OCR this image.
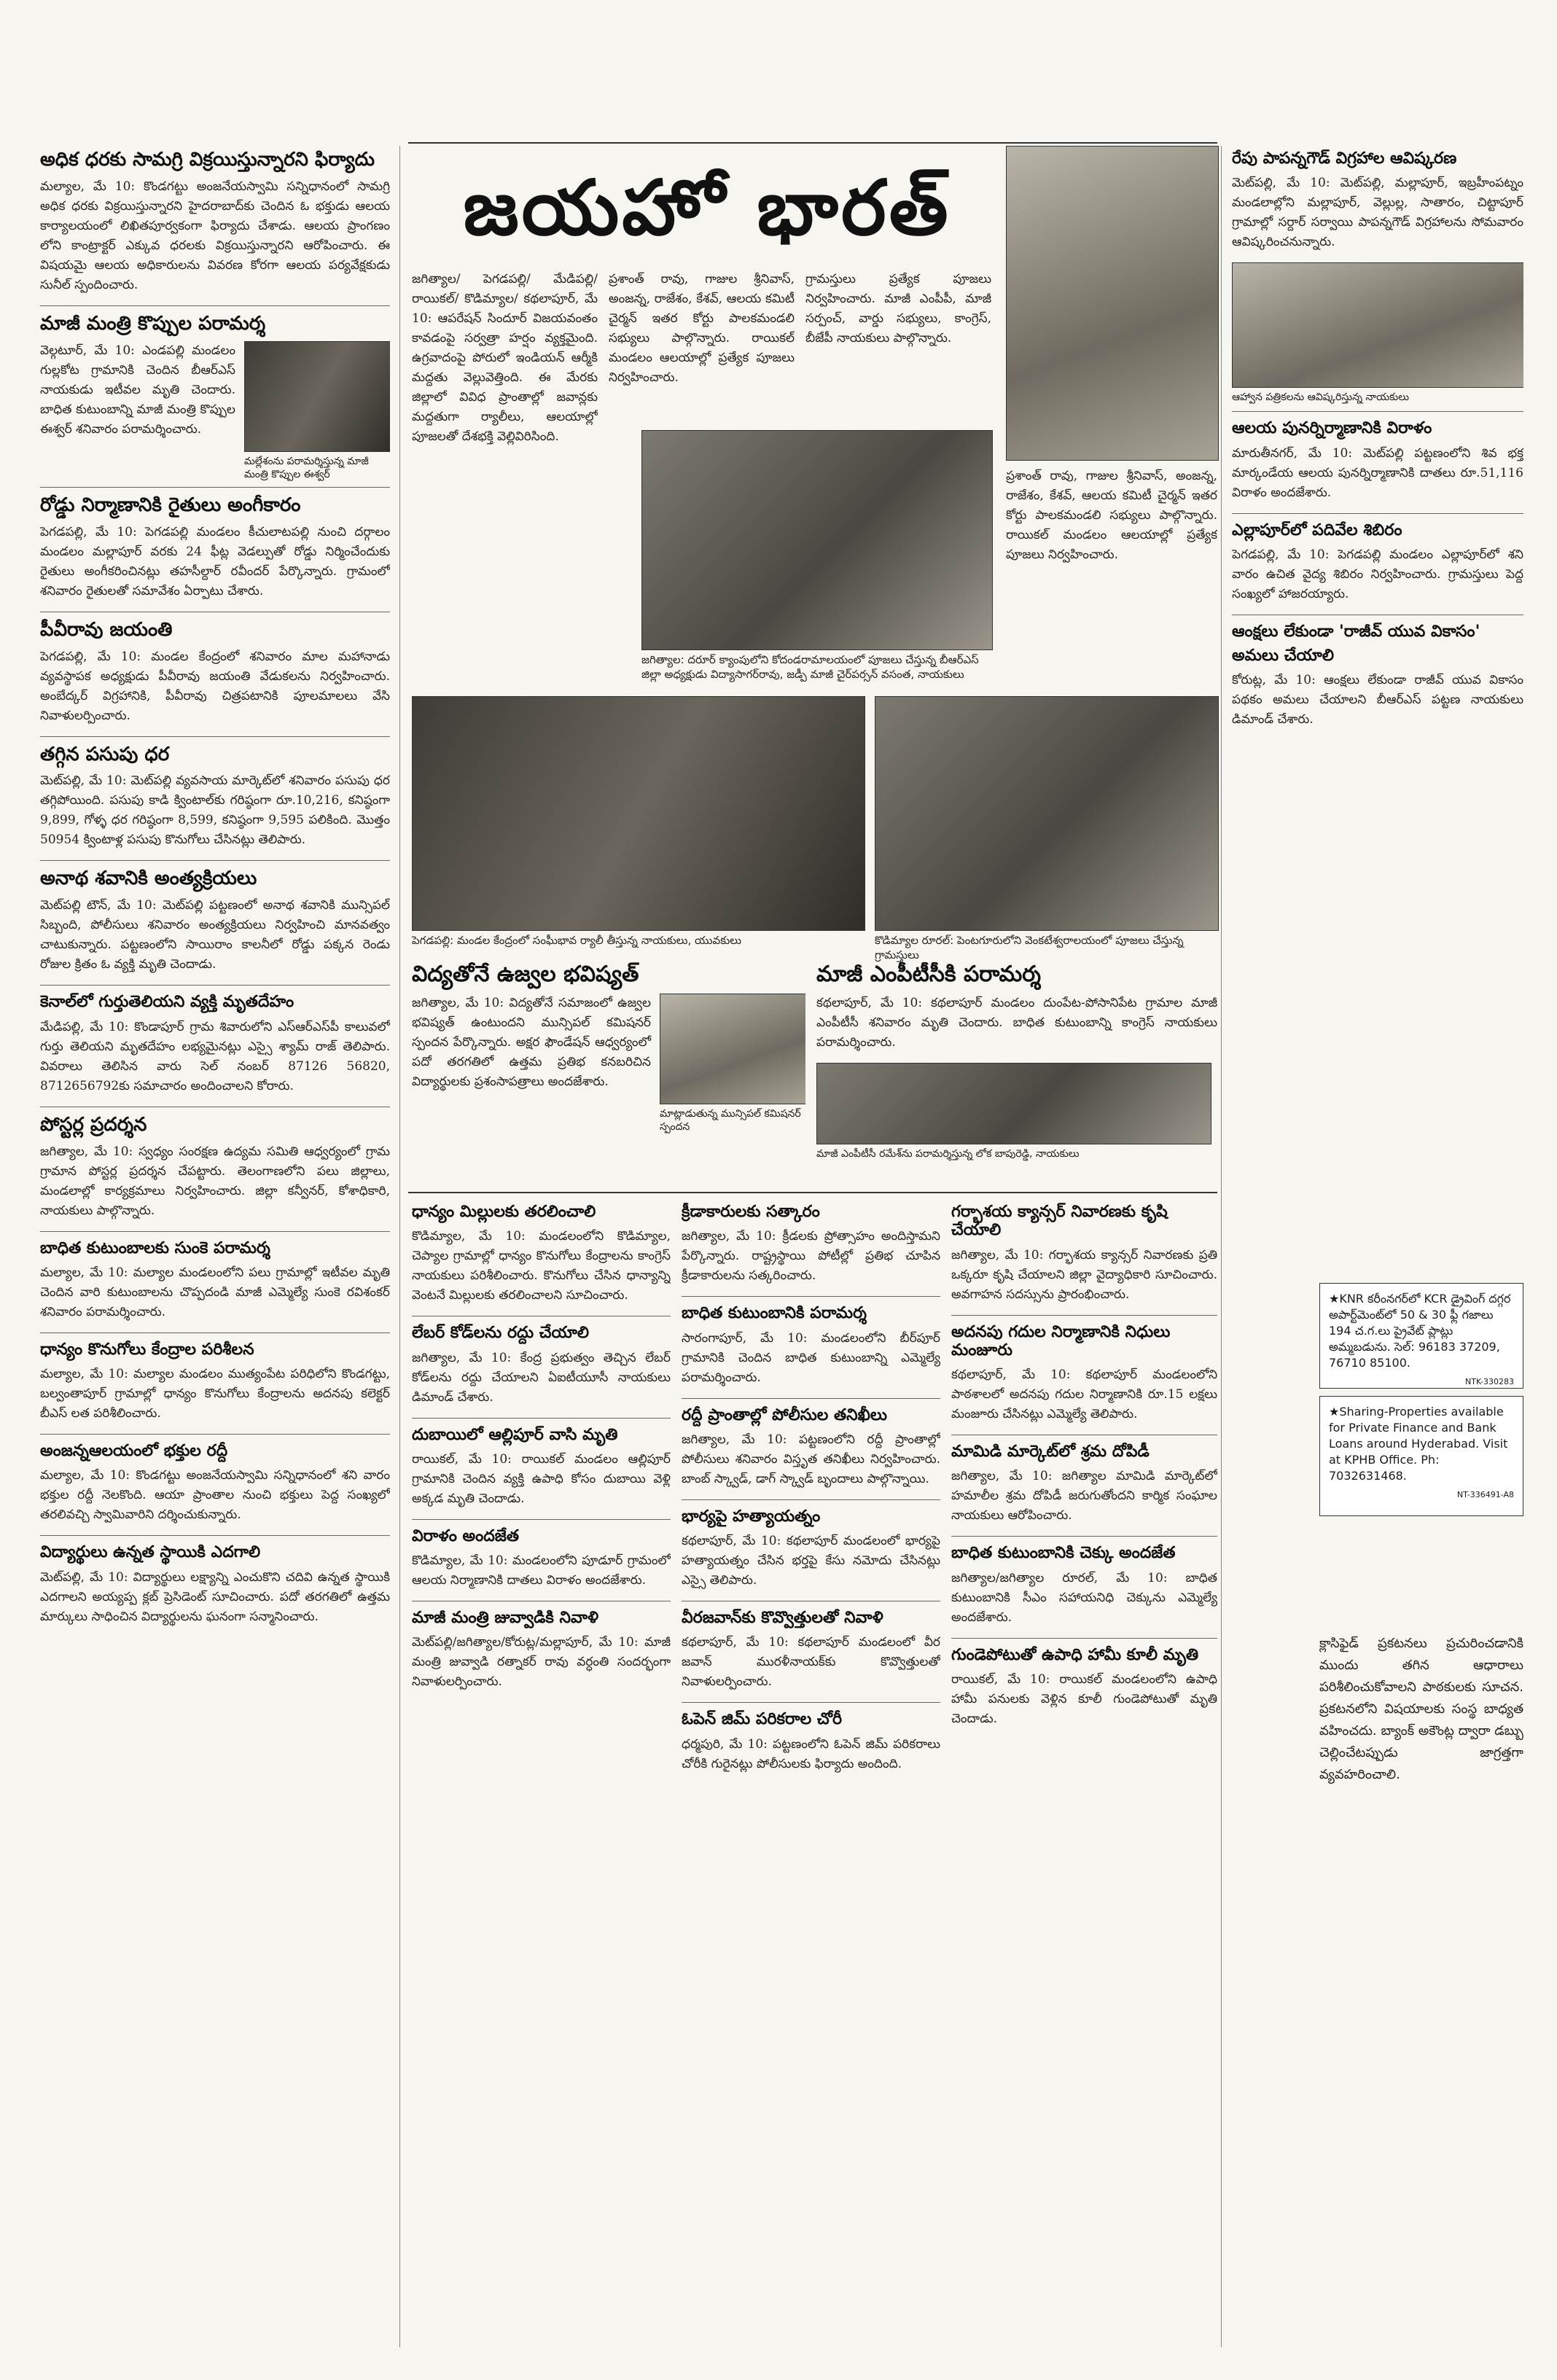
జయహో భారత్
●
●
●
అధిక ధరకు సామగ్రి విక్రయిస్తున్నారని ఫిర్యాదు
మల్యాల, మే 10: కొండగట్టు అంజనేయస్వామి సన్నిధానంలో సామగ్రి అధిక ధరకు విక్రయిస్తున్నారని హైదరాబాద్‌కు చెందిన ఓ భక్తుడు ఆలయ కార్యాలయంలో లిఖితపూర్వకంగా ఫిర్యాదు చేశాడు. ఆలయ ప్రాంగణం లోని కాంట్రాక్టర్ ఎక్కువ ధరలకు విక్రయిస్తున్నారని ఆరోపించారు. ఈ విషయమై ఆలయ అధికారులను వివరణ కోరగా ఆలయ పర్యవేక్షకుడు సునీల్ స్పందించారు.
మాజీ మంత్రి కొప్పుల పరామర్శ
వెల్గటూర్, మే 10: ఎండపల్లి మండలం గుల్లకోట గ్రామానికి చెందిన బీఆర్ఎస్ నాయకుడు ఇటీవల మృతి చెందారు. బాధిత కుటుంబాన్ని మాజీ మంత్రి కొప్పుల ఈశ్వర్ శనివారం పరామర్శించారు.
మల్లేశంను పరామర్శిస్తున్న మాజీ మంత్రి కొప్పుల ఈశ్వర్
రోడ్డు నిర్మాణానికి రైతులు అంగీకారం
పెగడపల్లి, మే 10: పెగడపల్లి మండలం కీచులాటపల్లి నుంచి దర్గాలం మండలం మల్లాపూర్ వరకు 24 ఫీట్ల వెడల్పుతో రోడ్డు నిర్మించేందుకు రైతులు అంగీకరించినట్లు తహసీల్దార్ రవీందర్ పేర్కొన్నారు. గ్రామంలో శనివారం రైతులతో సమావేశం ఏర్పాటు చేశారు.
పీవీరావు జయంతి
పెగడపల్లి, మే 10: మండల కేంద్రంలో శనివారం మాల మహానాడు వ్యవస్థాపక అధ్యక్షుడు పీవీరావు జయంతి వేడుకలను నిర్వహించారు. అంబేద్కర్ విగ్రహానికి, పీవీరావు చిత్రపటానికి పూలమాలలు వేసి నివాళులర్పించారు.
తగ్గిన పసుపు ధర
మెట్‌పల్లి, మే 10: మెట్‌పల్లి వ్యవసాయ మార్కెట్‌లో శనివారం పసుపు ధర తగ్గిపోయింది. పసుపు కాడి క్వింటాల్‌కు గరిష్ఠంగా రూ.10,216, కనిష్ఠంగా 9,899, గోళ్ళ ధర గరిష్ఠంగా 8,599, కనిష్ఠంగా 9,595 పలికింది. మొత్తం 50954 క్వింటాళ్ల పసుపు కొనుగోలు చేసినట్లు తెలిపారు.
అనాథ శవానికి అంత్యక్రియలు
మెట్‌పల్లి టౌన్, మే 10: మెట్‌పల్లి పట్టణంలో అనాథ శవానికి మున్సిపల్ సిబ్బంది, పోలీసులు శనివారం అంత్యక్రియలు నిర్వహించి మానవత్వం చాటుకున్నారు. పట్టణంలోని సాయిరాం కాలనీలో రోడ్డు పక్కన రెండు రోజుల క్రితం ఓ వ్యక్తి మృతి చెందాడు.
కెనాల్‌లో గుర్తుతెలియని వ్యక్తి మృతదేహం
మేడిపల్లి, మే 10: కొండాపూర్ గ్రామ శివారులోని ఎస్ఆర్ఎస్‌పీ కాలువలో గుర్తు తెలియని మృతదేహం లభ్యమైనట్లు ఎస్సై శ్యామ్ రాజ్ తెలిపారు. వివరాలు తెలిసిన వారు సెల్ నంబర్ 87126 56820, 8712656792కు సమాచారం అందించాలని కోరారు.
పోస్టర్ల ప్రదర్శన
జగిత్యాల, మే 10: స్వధ్యం సంరక్షణ ఉద్యమ సమితి ఆధ్వర్యంలో గ్రామ గ్రామాన పోస్టర్ల ప్రదర్శన చేపట్టారు. తెలంగాణలోని పలు జిల్లాలు, మండలాల్లో కార్యక్రమాలు నిర్వహించారు. జిల్లా కన్వీనర్, కోశాధికారి, నాయకులు పాల్గొన్నారు.
బాధిత కుటుంబాలకు సుంకె పరామర్శ
మల్యాల, మే 10: మల్యాల మండలంలోని పలు గ్రామాల్లో ఇటీవల మృతి చెందిన వారి కుటుంబాలను చొప్పదండి మాజీ ఎమ్మెల్యే సుంకె రవిశంకర్ శనివారం పరామర్శించారు.
ధాన్యం కొనుగోలు కేంద్రాల పరిశీలన
మల్యాల, మే 10: మల్యాల మండలం ముత్యంపేట పరిధిలోని కొండగట్టు, బల్వంతాపూర్ గ్రామాల్లో ధాన్యం కొనుగోలు కేంద్రాలను అదనపు కలెక్టర్ బీఎస్ లత పరిశీలించారు.
అంజన్నఆలయంలో భక్తుల రద్దీ
మల్యాల, మే 10: కొండగట్టు అంజనేయస్వామి సన్నిధానంలో శని వారం భక్తుల రద్దీ నెలకొంది. ఆయా ప్రాంతాల నుంచి భక్తులు పెద్ద సంఖ్యలో తరలివచ్చి స్వామివారిని దర్శించుకున్నారు.
విద్యార్థులు ఉన్నత స్థాయికి ఎదగాలి
మెట్‌పల్లి, మే 10: విద్యార్థులు లక్ష్యాన్ని ఎంచుకొని చదివి ఉన్నత స్థాయికి ఎదగాలని అయ్యప్ప క్లబ్ ప్రెసిడెంట్ సూచించారు. పదో తరగతిలో ఉత్తమ మార్కులు సాధించిన విద్యార్థులను ఘనంగా సన్మానించారు.
జగిత్యాల/ పెగడపల్లి/ మేడిపల్లి/ రాయికల్/ కొడిమ్యాల/ కథలాపూర్, మే 10: ఆపరేషన్ సిందూర్ విజయవంతం కావడంపై సర్వత్రా హర్షం వ్యక్తమైంది. ఉగ్రవాదంపై పోరులో ఇండియన్ ఆర్మీకి మద్దతు వెల్లువెత్తింది. ఈ మేరకు జిల్లాలో వివిధ ప్రాంతాల్లో జవాన్లకు మద్దతుగా ర్యాలీలు, ఆలయాల్లో పూజలతో దేశభక్తి వెల్లివిరిసింది.
ప్రశాంత్ రావు, గాజుల శ్రీనివాస్, అంజన్న, రాజేశం, కేశవ్, ఆలయ కమిటీ చైర్మన్ ఇతర కోర్టు పాలకమండలి సభ్యులు పాల్గొన్నారు. రాయికల్ మండలం ఆలయాల్లో ప్రత్యేక పూజలు నిర్వహించారు.
గ్రామస్తులు ప్రత్యేక పూజలు నిర్వహించారు. మాజీ ఎంపీపీ, మాజీ సర్పంచ్, వార్డు సభ్యులు, కాంగ్రెస్, బీజేపీ నాయకులు పాల్గొన్నారు.
జగిత్యాల: దరూర్ క్యాంపులోని కోదండరామాలయంలో పూజలు చేస్తున్న బీఆర్ఎస్ జిల్లా అధ్యక్షుడు విద్యాసాగర్‌రావు, జడ్పీ మాజీ చైర్‌పర్సన్ వసంత, నాయకులు
ప్రశాంత్ రావు, గాజుల శ్రీనివాస్, అంజన్న, రాజేశం, కేశవ్, ఆలయ కమిటీ చైర్మన్ ఇతర కోర్టు పాలకమండలి సభ్యులు పాల్గొన్నారు. రాయికల్ మండలం ఆలయాల్లో ప్రత్యేక పూజలు నిర్వహించారు.
పెగడపల్లి: మండల కేంద్రంలో సంఘీభావ ర్యాలీ తీస్తున్న నాయకులు, యువకులు	కొడిమ్యాల రూరల్: పెంటగూరులోని వెంకటేశ్వరాలయంలో పూజలు చేస్తున్న గ్రామస్తులు
విద్యతోనే ఉజ్వల భవిష్యత్
జగిత్యాల, మే 10: విద్యతోనే సమాజంలో ఉజ్వల భవిష్యత్ ఉంటుందని మున్సిపల్ కమిషనర్ స్పందన పేర్కొన్నారు. అక్షర ఫౌండేషన్ ఆధ్వర్యంలో పదో తరగతిలో ఉత్తమ ప్రతిభ కనబరిచిన విద్యార్థులకు ప్రశంసాపత్రాలు అందజేశారు.
మాట్లాడుతున్న మున్సిపల్ కమిషనర్ స్పందన
మాజీ ఎంపీటీసీకి పరామర్శ
కథలాపూర్, మే 10: కథలాపూర్ మండలం దుంపేట-పోసానిపేట గ్రామాల మాజీ ఎంపీటీసీ శనివారం మృతి చెందారు. బాధిత కుటుంబాన్ని కాంగ్రెస్ నాయకులు పరామర్శించారు.
మాజీ ఎంపీటీసీ రమేశ్‌ను పరామర్శిస్తున్న లోక బాపురెడ్డి, నాయకులు
ధాన్యం మిల్లులకు తరలించాలి
కొడిమ్యాల, మే 10: మండలంలోని కొడిమ్యాల, చెప్యాల గ్రామాల్లో ధాన్యం కొనుగోలు కేంద్రాలను కాంగ్రెస్ నాయకులు పరిశీలించారు. కొనుగోలు చేసిన ధాన్యాన్ని వెంటనే మిల్లులకు తరలించాలని సూచించారు.
లేబర్ కోడ్‌లను రద్దు చేయాలి
జగిత్యాల, మే 10: కేంద్ర ప్రభుత్వం తెచ్చిన లేబర్ కోడ్‌లను రద్దు చేయాలని ఏఐటీయూసీ నాయకులు డిమాండ్ చేశారు.
దుబాయిలో ఆల్లిపూర్ వాసి మృతి
రాయికల్, మే 10: రాయికల్ మండలం ఆల్లిపూర్ గ్రామానికి చెందిన వ్యక్తి ఉపాధి కోసం దుబాయి వెళ్లి అక్కడ మృతి చెందాడు.
విరాళం అందజేత
కొడిమ్యాల, మే 10: మండలంలోని పూడూర్ గ్రామంలో ఆలయ నిర్మాణానికి దాతలు విరాళం అందజేశారు.
మాజీ మంత్రి జువ్వాడికి నివాళి
మెట్‌పల్లి/జగిత్యాల/కోరుట్ల/మల్లాపూర్, మే 10: మాజీ మంత్రి జువ్వాడి రత్నాకర్ రావు వర్ధంతి సందర్భంగా నివాళులర్పించారు.
క్రీడాకారులకు సత్కారం
జగిత్యాల, మే 10: క్రీడలకు ప్రోత్సాహం అందిస్తామని పేర్కొన్నారు. రాష్ట్రస్థాయి పోటీల్లో ప్రతిభ చూపిన క్రీడాకారులను సత్కరించారు.
బాధిత కుటుంబానికి పరామర్శ
సారంగాపూర్, మే 10: మండలంలోని బీర్‌పూర్ గ్రామానికి చెందిన బాధిత కుటుంబాన్ని ఎమ్మెల్యే పరామర్శించారు.
రద్దీ ప్రాంతాల్లో పోలీసుల తనిఖీలు
జగిత్యాల, మే 10: పట్టణంలోని రద్దీ ప్రాంతాల్లో పోలీసులు శనివారం విస్తృత తనిఖీలు నిర్వహించారు. బాంబ్ స్క్వాడ్, డాగ్ స్క్వాడ్ బృందాలు పాల్గొన్నాయి.
భార్యపై హత్యాయత్నం
కథలాపూర్, మే 10: కథలాపూర్ మండలంలో భార్యపై హత్యాయత్నం చేసిన భర్తపై కేసు నమోదు చేసినట్లు ఎస్సై తెలిపారు.
వీరజవాన్‌కు కొవ్వొత్తులతో నివాళి
కథలాపూర్, మే 10: కథలాపూర్ మండలంలో వీర జవాన్ మురళీనాయక్‌కు కొవ్వొత్తులతో నివాళులర్పించారు.
ఓపెన్ జిమ్ పరికరాల చోరీ
ధర్మపురి, మే 10: పట్టణంలోని ఓపెన్ జిమ్ పరికరాలు చోరీకి గురైనట్లు పోలీసులకు ఫిర్యాదు అందింది.
గర్భాశయ క్యాన్సర్ నివారణకు కృషి చేయాలి
జగిత్యాల, మే 10: గర్భాశయ క్యాన్సర్ నివారణకు ప్రతి ఒక్కరూ కృషి చేయాలని జిల్లా వైద్యాధికారి సూచించారు. అవగాహన సదస్సును ప్రారంభించారు.
అదనపు గదుల నిర్మాణానికి నిధులు మంజూరు
కథలాపూర్, మే 10: కథలాపూర్ మండలంలోని పాఠశాలలో అదనపు గదుల నిర్మాణానికి రూ.15 లక్షలు మంజూరు చేసినట్లు ఎమ్మెల్యే తెలిపారు.
మామిడి మార్కెట్‌లో శ్రమ దోపిడీ
జగిత్యాల, మే 10: జగిత్యాల మామిడి మార్కెట్‌లో హమాలీల శ్రమ దోపిడీ జరుగుతోందని కార్మిక సంఘాల నాయకులు ఆరోపించారు.
బాధిత కుటుంబానికి చెక్కు అందజేత
జగిత్యాల/జగిత్యాల రూరల్, మే 10: బాధిత కుటుంబానికి సీఎం సహాయనిధి చెక్కును ఎమ్మెల్యే అందజేశారు.
గుండెపోటుతో ఉపాధి హామీ కూలీ మృతి
రాయికల్, మే 10: రాయికల్ మండలంలోని ఉపాధి హామీ పనులకు వెళ్లిన కూలీ గుండెపోటుతో మృతి చెందాడు.
రేపు పాపన్నగౌడ్ విగ్రహాల ఆవిష్కరణ
మెట్‌పల్లి, మే 10: మెట్‌పల్లి, మల్లాపూర్, ఇబ్రహీంపట్నం మండలాల్లోని మల్లాపూర్, వెల్లుల్ల, సాతారం, చిట్టాపూర్ గ్రామాల్లో సర్దార్ సర్వాయి పాపన్నగౌడ్ విగ్రహాలను సోమవారం ఆవిష్కరించనున్నారు.
ఆహ్వాన పత్రికలను ఆవిష్కరిస్తున్న నాయకులు
ఆలయ పునర్నిర్మాణానికి విరాళం
మారుతీనగర్, మే 10: మెట్‌పల్లి పట్టణంలోని శివ భక్త మార్కండేయ ఆలయ పునర్నిర్మాణానికి దాతలు రూ.51,116 విరాళం అందజేశారు.
ఎల్లాపూర్‌లో పదివేల శిబిరం
పెగడపల్లి, మే 10: పెగడపల్లి మండలం ఎల్లాపూర్‌లో శని వారం ఉచిత వైద్య శిబిరం నిర్వహించారు. గ్రామస్తులు పెద్ద సంఖ్యలో హాజరయ్యారు.
ఆంక్షలు లేకుండా 'రాజీవ్ యువ వికాసం'
అమలు చేయాలి
కోరుట్ల, మే 10: ఆంక్షలు లేకుండా రాజీవ్ యువ వికాసం పథకం అమలు చేయాలని బీఆర్ఎస్ పట్టణ నాయకులు డిమాండ్ చేశారు.
★KNR కరీంనగర్‌లో KCR డ్రైవింగ్ దగ్గర అపార్ట్‌మెంట్‌లో 50 & 30 ఫ్లీ గజాలు 194 చ.గ.లు ప్రైవేట్ ప్లాట్లు అమ్మబడును. సెల్: 96183 37209, 76710 85100.
NTK-330283
★Sharing-Properties available for Private Finance and Bank Loans around Hyderabad. Visit at KPHB Office. Ph: 7032631468.
NT-336491-A8
క్లాసిఫైడ్ ప్రకటనలు ప్రచురించడానికి ముందు తగిన ఆధారాలు పరిశీలించుకోవాలని పాఠకులకు సూచన. ప్రకటనలోని విషయాలకు సంస్థ బాధ్యత వహించదు. బ్యాంక్ అకౌంట్ల ద్వారా డబ్బు చెల్లించేటప్పుడు జాగ్రత్తగా వ్యవహరించాలి.
